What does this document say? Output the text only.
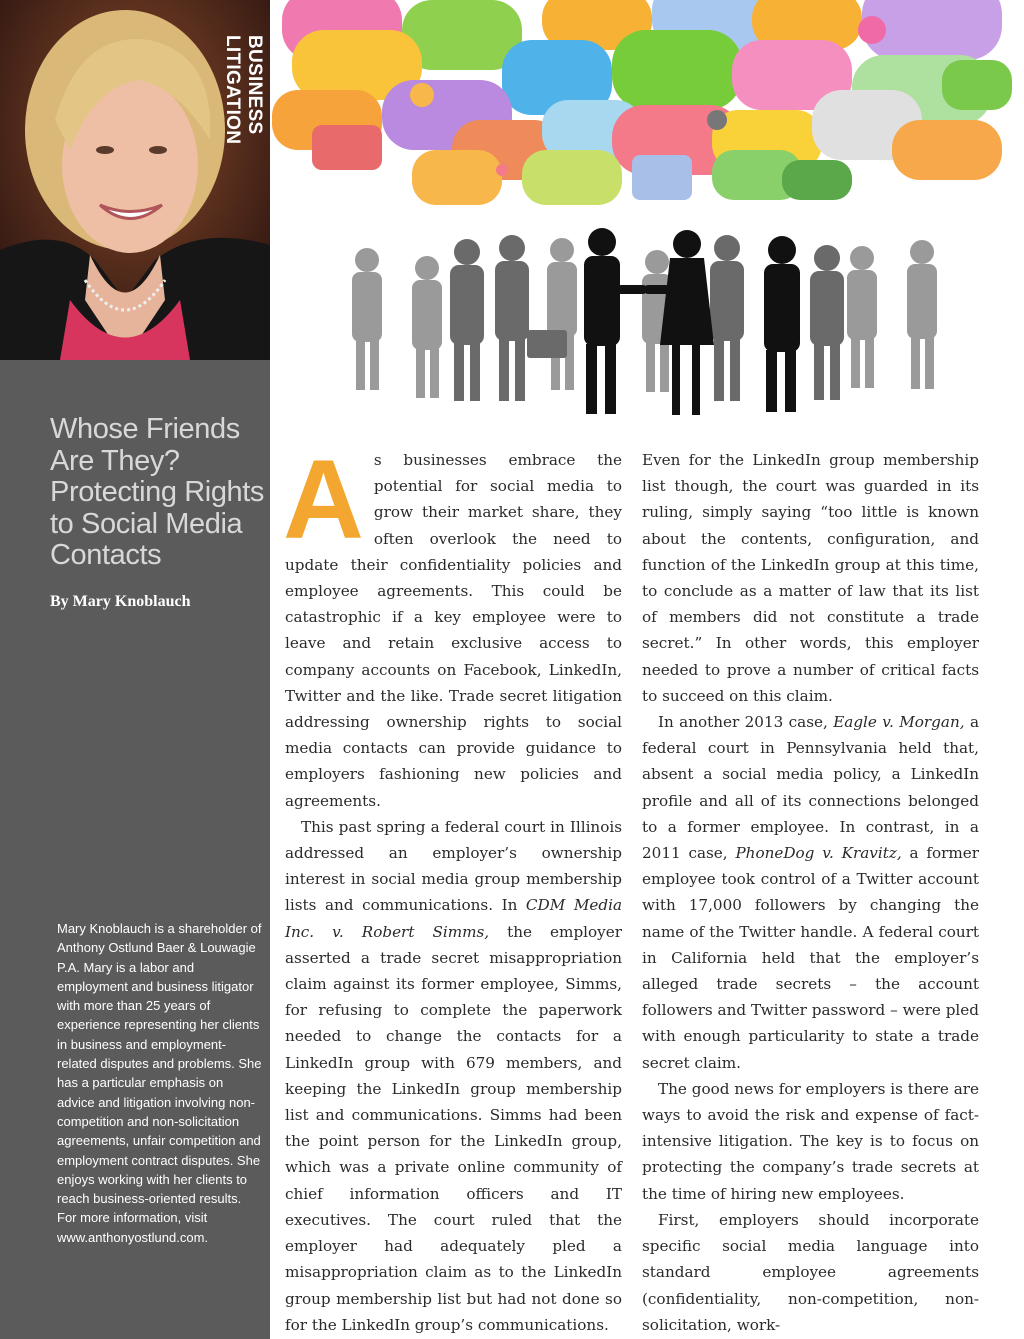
BUSINESS LITIGATION
Whose Friends
Are They?
Protecting Rights
to Social Media
Contacts
By Mary Knoblauch

Mary Knoblauch is a shareholder of Anthony Ostlund Baer & Louwagie P.A. Mary is a labor and employment and business litigator with more than 25 years of experience representing her clients in business and employment-related disputes and problems. She has a particular emphasis on advice and litigation involving non-competition and non-solicitation agreements, unfair competition and employment contract disputes. She enjoys working with her clients to reach business-oriented results. For more information, visit www.anthonyostlund.com.

A s businesses embrace the potential for social media to grow their market share, they often overlook the need to update their confidentiality policies and employee agreements. This could be catastrophic if a key employee were to leave and retain exclusive access to company accounts on Facebook, LinkedIn, Twitter and the like. Trade secret litigation addressing ownership rights to social media contacts can provide guidance to employers fashioning new policies and agreements.

This past spring a federal court in Illinois addressed an employer’s ownership interest in social media group membership lists and communications. In CDM Media Inc. v. Robert Simms, the employer asserted a trade secret misappropriation claim against its former employee, Simms, for refusing to complete the paperwork needed to change the contacts for a LinkedIn group with 679 members, and keeping the LinkedIn group membership list and communications. Simms had been the point person for the LinkedIn group, which was a private online community of chief information officers and IT executives. The court ruled that the employer had adequately pled a misappropriation claim as to the LinkedIn group membership list but had not done so for the LinkedIn group’s communications.

Even for the LinkedIn group membership list though, the court was guarded in its ruling, simply saying “too little is known about the contents, configuration, and function of the LinkedIn group at this time, to conclude as a matter of law that its list of members did not constitute a trade secret.” In other words, this employer needed to prove a number of critical facts to succeed on this claim.

In another 2013 case, Eagle v. Morgan, a federal court in Pennsylvania held that, absent a social media policy, a LinkedIn profile and all of its connections belonged to a former employee. In contrast, in a 2011 case, PhoneDog v. Kravitz, a former employee took control of a Twitter account with 17,000 followers by changing the name of the Twitter handle. A federal court in California held that the employer’s alleged trade secrets – the account followers and Twitter password – were pled with enough particularity to state a trade secret claim.

The good news for employers is there are ways to avoid the risk and expense of fact-intensive litigation. The key is to focus on protecting the company’s trade secrets at the time of hiring new employees.

First, employers should incorporate specific social media language into standard employee agreements (confidentiality, non-competition, non-solicitation, work-
